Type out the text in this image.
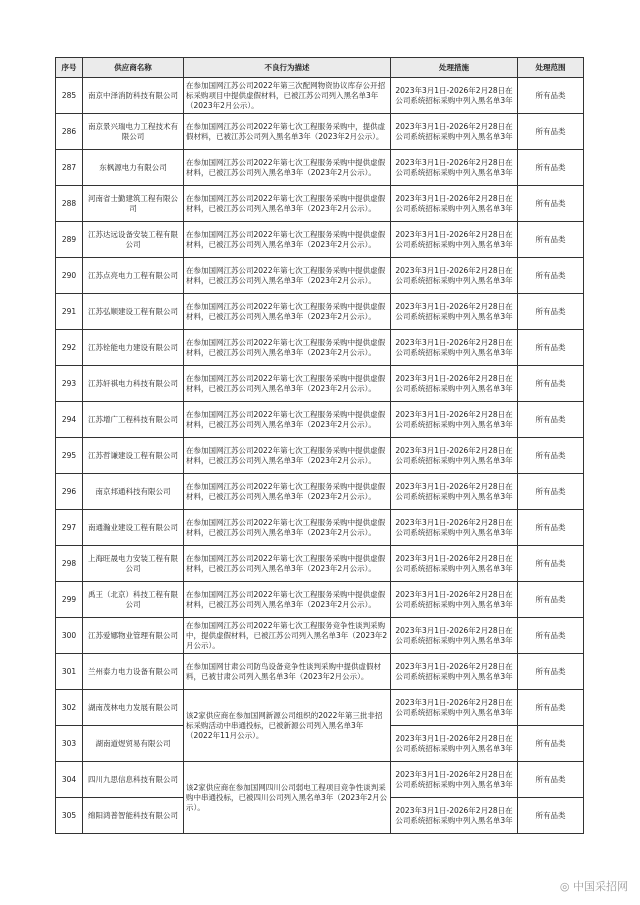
序号	供应商名称	不良行为描述	处理措施	处理范围
285	南京中泽消防科技有限公司	在参加国网江苏公司2022年第三次配网物资协议库存公开招标采购项目中提供虚假材料，已被江苏公司列入黑名单3年（2023年2月公示）。	2023年3月1日-2026年2月28日在公司系统招标采购中列入黑名单3年	所有品类
286	南京景兴瑞电力工程技术有限公司	在参加国网江苏公司2022年第七次工程服务采购中，提供虚假材料，已被江苏公司列入黑名单3年（2023年2月公示）。	2023年3月1日-2026年2月28日在公司系统招标采购中列入黑名单3年	所有品类
287	东枫源电力有限公司	在参加国网江苏公司2022年第七次工程服务采购中提供虚假材料，已被江苏公司列入黑名单3年（2023年2月公示）。	2023年3月1日-2026年2月28日在公司系统招标采购中列入黑名单3年	所有品类
288	河南省士勤建筑工程有限公司	在参加国网江苏公司2022年第七次工程服务采购中提供虚假材料，已被江苏公司列入黑名单3年（2023年2月公示）。	2023年3月1日-2026年2月28日在公司系统招标采购中列入黑名单3年	所有品类
289	江苏达远设备安装工程有限公司	在参加国网江苏公司2022年第七次工程服务采购中提供虚假材料，已被江苏公司列入黑名单3年（2023年2月公示）。	2023年3月1日-2026年2月28日在公司系统招标采购中列入黑名单3年	所有品类
290	江苏点亮电力工程有限公司	在参加国网江苏公司2022年第七次工程服务采购中提供虚假材料，已被江苏公司列入黑名单3年（2023年2月公示）。	2023年3月1日-2026年2月28日在公司系统招标采购中列入黑名单3年	所有品类
291	江苏弘顺建设工程有限公司	在参加国网江苏公司2022年第七次工程服务采购中提供虚假材料，已被江苏公司列入黑名单3年（2023年2月公示）。	2023年3月1日-2026年2月28日在公司系统招标采购中列入黑名单3年	所有品类
292	江苏铨能电力建设有限公司	在参加国网江苏公司2022年第七次工程服务采购中提供虚假材料，已被江苏公司列入黑名单3年（2023年2月公示）。	2023年3月1日-2026年2月28日在公司系统招标采购中列入黑名单3年	所有品类
293	江苏轩祺电力科技有限公司	在参加国网江苏公司2022年第七次工程服务采购中提供虚假材料，已被江苏公司列入黑名单3年（2023年2月公示）。	2023年3月1日-2026年2月28日在公司系统招标采购中列入黑名单3年	所有品类
294	江苏增广工程科技有限公司	在参加国网江苏公司2022年第七次工程服务采购中提供虚假材料，已被江苏公司列入黑名单3年（2023年2月公示）。	2023年3月1日-2026年2月28日在公司系统招标采购中列入黑名单3年	所有品类
295	江苏哲谦建设工程有限公司	在参加国网江苏公司2022年第七次工程服务采购中提供虚假材料，已被江苏公司列入黑名单3年（2023年2月公示）。	2023年3月1日-2026年2月28日在公司系统招标采购中列入黑名单3年	所有品类
296	南京邦通科技有限公司	在参加国网江苏公司2022年第七次工程服务采购中提供虚假材料，已被江苏公司列入黑名单3年（2023年2月公示）。	2023年3月1日-2026年2月28日在公司系统招标采购中列入黑名单3年	所有品类
297	南通瀚业建设工程有限公司	在参加国网江苏公司2022年第七次工程服务采购中提供虚假材料，已被江苏公司列入黑名单3年（2023年2月公示）。	2023年3月1日-2026年2月28日在公司系统招标采购中列入黑名单3年	所有品类
298	上海旺晟电力安装工程有限公司	在参加国网江苏公司2022年第七次工程服务采购中提供虚假材料，已被江苏公司列入黑名单3年（2023年2月公示）。	2023年3月1日-2026年2月28日在公司系统招标采购中列入黑名单3年	所有品类
299	禹王（北京）科技工程有限公司	在参加国网江苏公司2022年第七次工程服务采购中提供虚假材料，已被江苏公司列入黑名单3年（2023年2月公示）。	2023年3月1日-2026年2月28日在公司系统招标采购中列入黑名单3年	所有品类
300	江苏爱娜物业管理有限公司	在参加国网江苏公司2022年第七次工程服务竞争性谈判采购中，提供虚假材料，已被江苏公司列入黑名单3年（2023年2月公示）。	2023年3月1日-2026年2月28日在公司系统招标采购中列入黑名单3年	所有品类
301	兰州泰力电力设备有限公司	在参加国网甘肃公司防鸟设备竞争性谈判采购中提供虚假材料，已被甘肃公司列入黑名单3年（2023年2月公示）。	2023年3月1日-2026年2月28日在公司系统招标采购中列入黑名单3年	所有品类
302	湖南茂林电力发展有限公司	该2家供应商在参加国网新源公司组织的2022年第三批非招标采购活动中串通投标，已被新源公司列入黑名单3年（2022年11月公示）。	2023年3月1日-2026年2月28日在公司系统招标采购中列入黑名单3年	所有品类
303	湖南道煜贸易有限公司		2023年3月1日-2026年2月28日在公司系统招标采购中列入黑名单3年	所有品类
304	四川九思信息科技有限公司	该2家供应商在参加国网四川公司弱电工程项目竞争性谈判采购中串通投标，已被四川公司列入黑名单3年（2023年2月公示）。	2023年3月1日-2026年2月28日在公司系统招标采购中列入黑名单3年	所有品类
305	绵阳鸿普智能科技有限公司		2023年3月1日-2026年2月28日在公司系统招标采购中列入黑名单3年	所有品类
◎ 中国采招网
